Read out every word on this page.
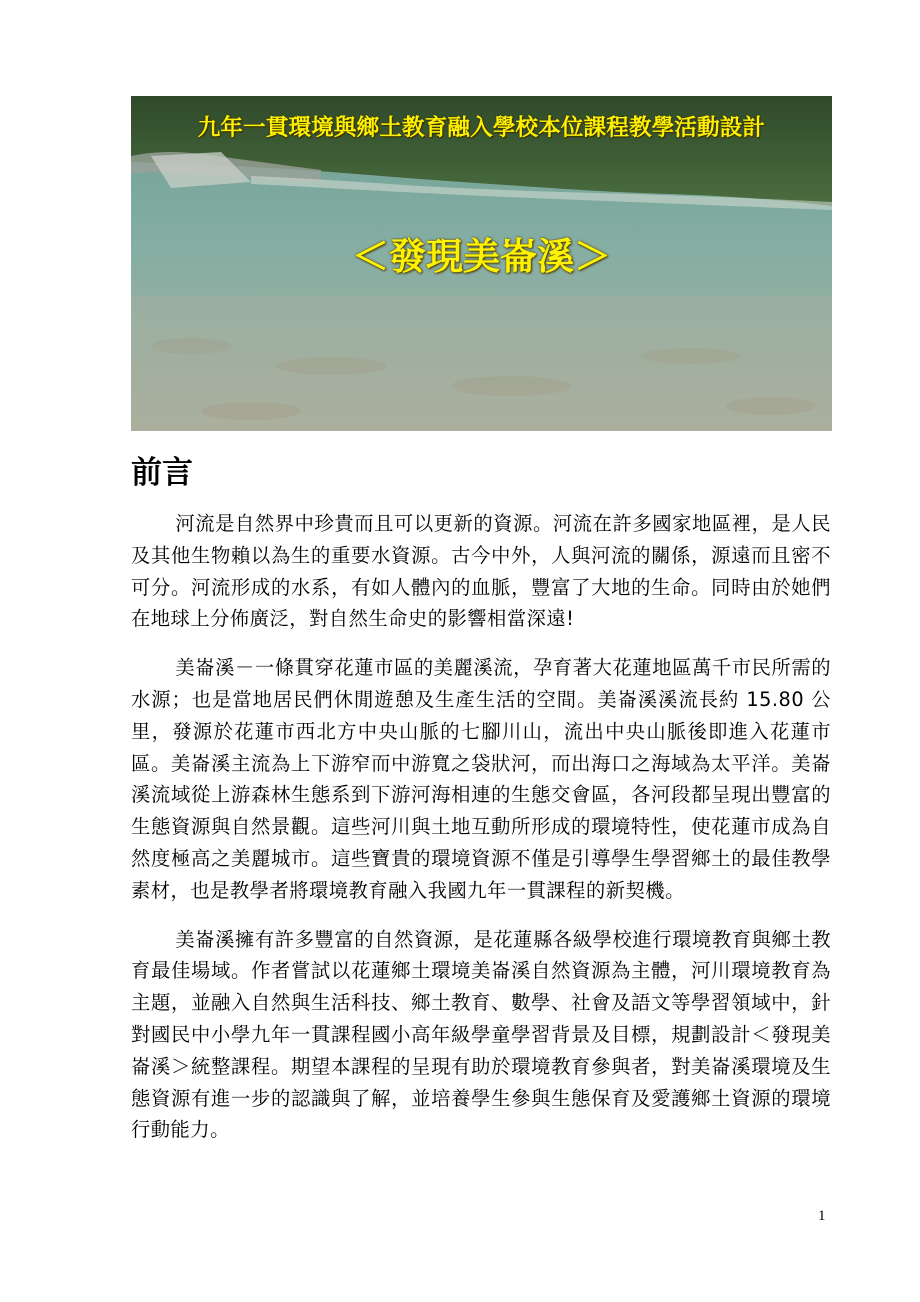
九年一貫環境與鄉土教育融入學校本位課程教學活動設計
＜發現美崙溪＞
前言

河流是自然界中珍貴而且可以更新的資源。河流在許多國家地區裡，是人民及其他生物賴以為生的重要水資源。古今中外，人與河流的關係，源遠而且密不可分。河流形成的水系，有如人體內的血脈，豐富了大地的生命。同時由於她們在地球上分佈廣泛，對自然生命史的影響相當深遠!

美崙溪－一條貫穿花蓮市區的美麗溪流，孕育著大花蓮地區萬千市民所需的水源；也是當地居民們休閒遊憩及生產生活的空間。美崙溪溪流長約 15.80 公里，發源於花蓮市西北方中央山脈的七腳川山，流出中央山脈後即進入花蓮市區。美崙溪主流為上下游窄而中游寬之袋狀河，而出海口之海域為太平洋。美崙溪流域從上游森林生態系到下游河海相連的生態交會區，各河段都呈現出豐富的生態資源與自然景觀。這些河川與土地互動所形成的環境特性，使花蓮市成為自然度極高之美麗城市。這些寶貴的環境資源不僅是引導學生學習鄉土的最佳教學素材，也是教學者將環境教育融入我國九年一貫課程的新契機。

美崙溪擁有許多豐富的自然資源，是花蓮縣各級學校進行環境教育與鄉土教育最佳場域。作者嘗試以花蓮鄉土環境美崙溪自然資源為主體，河川環境教育為主題，並融入自然與生活科技、鄉土教育、數學、社會及語文等學習領域中，針對國民中小學九年一貫課程國小高年級學童學習背景及目標，規劃設計＜發現美崙溪＞統整課程。期望本課程的呈現有助於環境教育參與者，對美崙溪環境及生態資源有進一步的認識與了解，並培養學生參與生態保育及愛護鄉土資源的環境行動能力。

1
